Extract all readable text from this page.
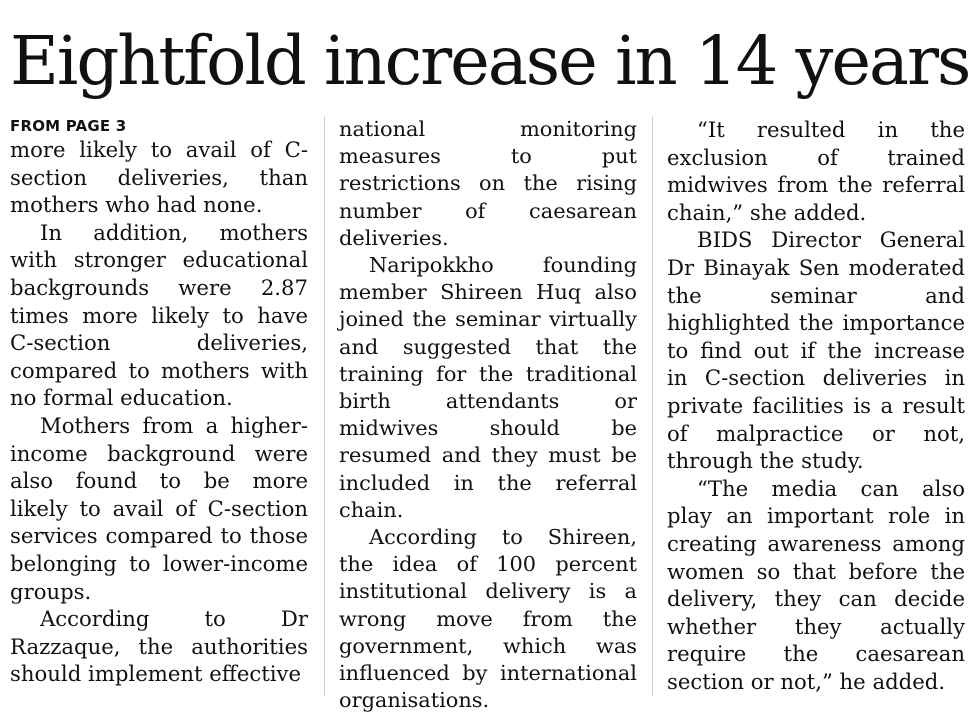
Eightfold increase in 14 years
FROM PAGE 3

more likely to avail of C-section deliveries, than mothers who had none.

In addition, mothers with stronger educational backgrounds were 2.87 times more likely to have C-section deliveries, compared to mothers with no formal education.

Mothers from a higher-income background were also found to be more likely to avail of C-section services compared to those belonging to lower-income groups.

According to Dr Razzaque, the authorities should implement effective

national monitoring measures to put restrictions on the rising number of caesarean deliveries.

Naripokkho founding member Shireen Huq also joined the seminar virtually and suggested that the training for the traditional birth attendants or midwives should be resumed and they must be included in the referral chain.

According to Shireen, the idea of 100 percent institutional delivery is a wrong move from the government, which was influenced by international organisations.

“It resulted in the exclusion of trained midwives from the referral chain,” she added.

BIDS Director General Dr Binayak Sen moderated the seminar and highlighted the importance to find out if the increase in C-section deliveries in private facilities is a result of malpractice or not, through the study.

“The media can also play an important role in creating awareness among women so that before the delivery, they can decide whether they actually require the caesarean section or not,” he added.
